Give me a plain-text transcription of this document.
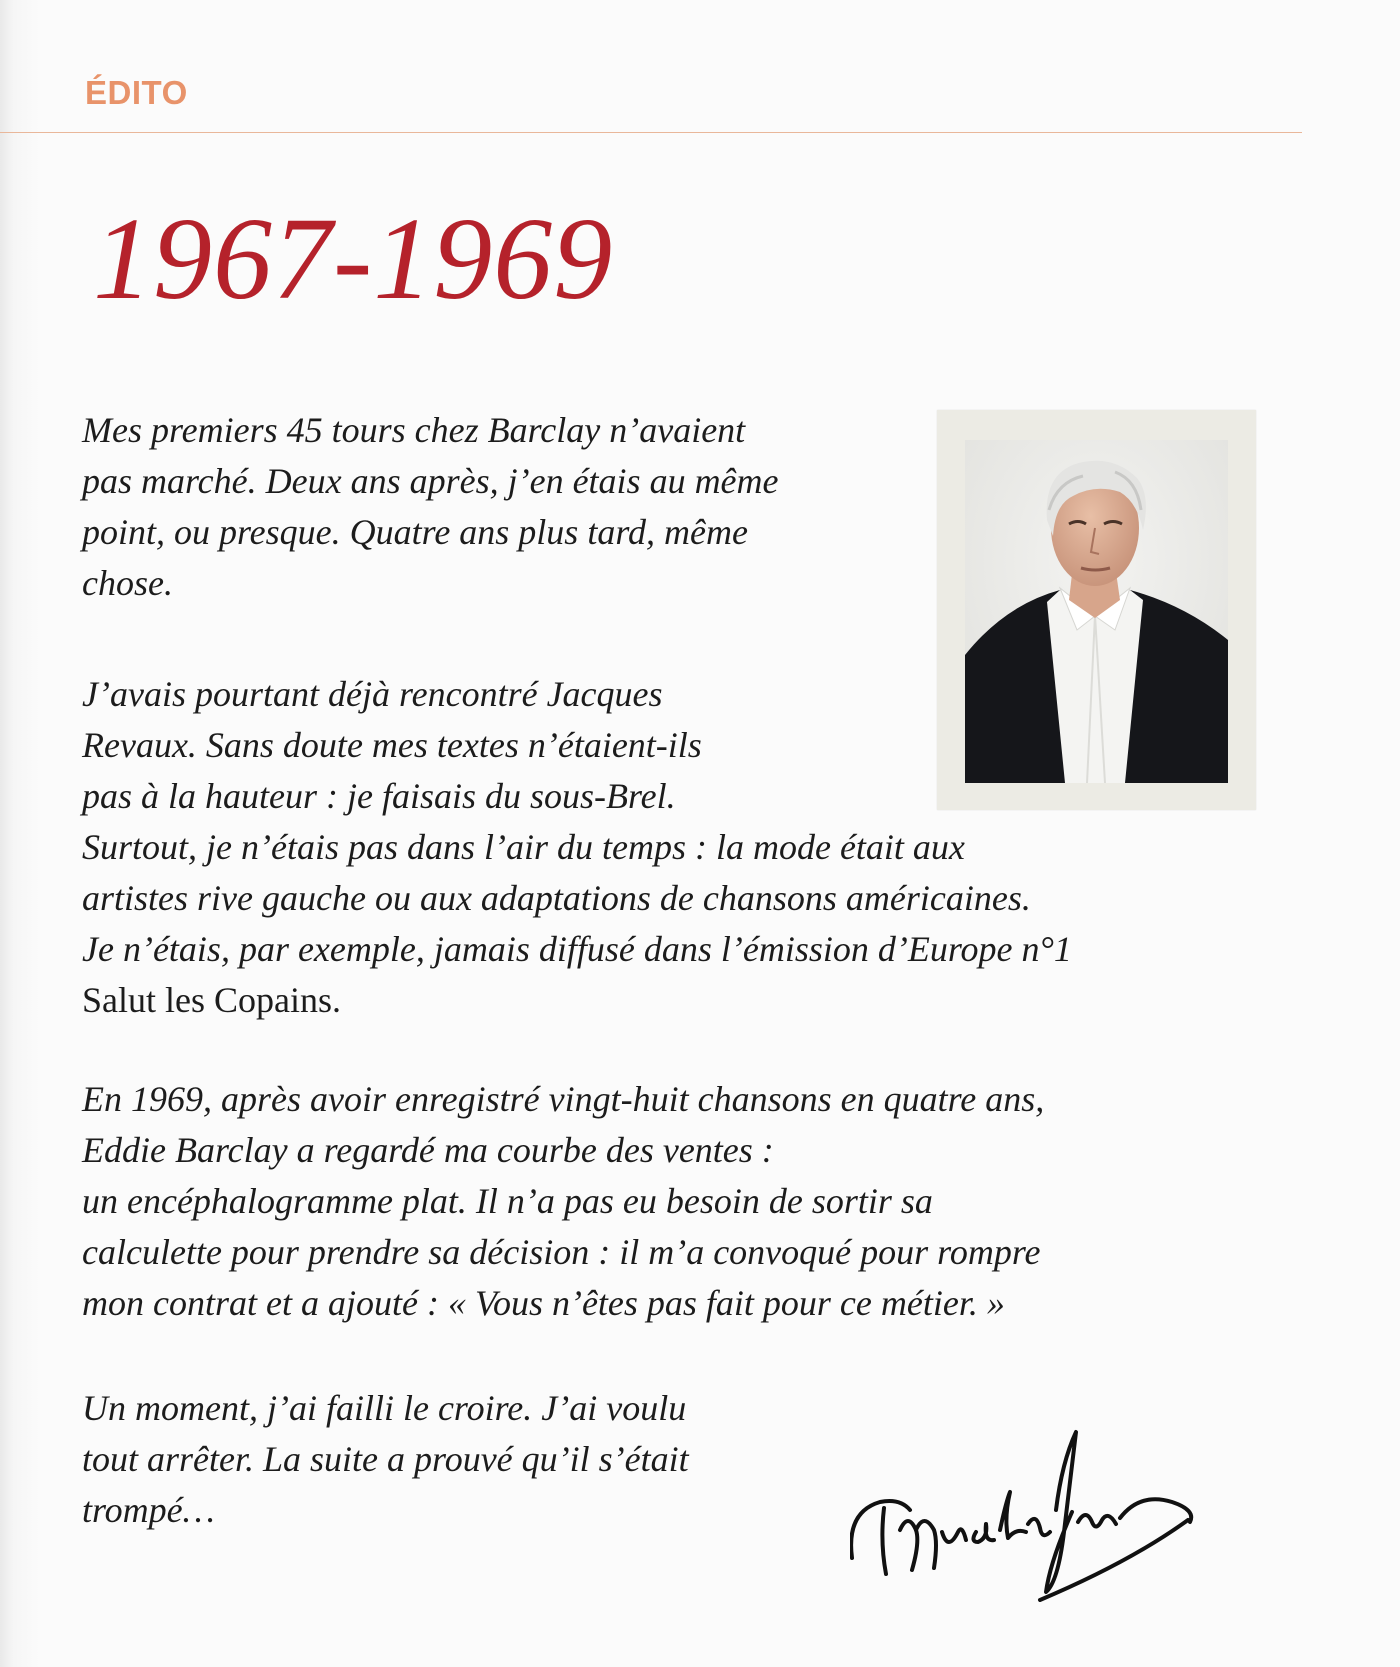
ÉDITO
1967-1969
Mes premiers 45 tours chez Barclay n’avaient
pas marché. Deux ans après, j’en étais au même
point, ou presque. Quatre ans plus tard, même
chose.
J’avais pourtant déjà rencontré Jacques
Revaux. Sans doute mes textes n’étaient-ils
pas à la hauteur : je faisais du sous-Brel.
Surtout, je n’étais pas dans l’air du temps : la mode était aux
artistes rive gauche ou aux adaptations de chansons américaines.
Je n’étais, par exemple, jamais diffusé dans l’émission d’Europe n°1
Salut les Copains.
En 1969, après avoir enregistré vingt-huit chansons en quatre ans,
Eddie Barclay a regardé ma courbe des ventes :
un encéphalogramme plat. Il n’a pas eu besoin de sortir sa
calculette pour prendre sa décision : il m’a convoqué pour rompre
mon contrat et a ajouté : « Vous n’êtes pas fait pour ce métier. »
Un moment, j’ai failli le croire. J’ai voulu
tout arrêter. La suite a prouvé qu’il s’était
trompé…
